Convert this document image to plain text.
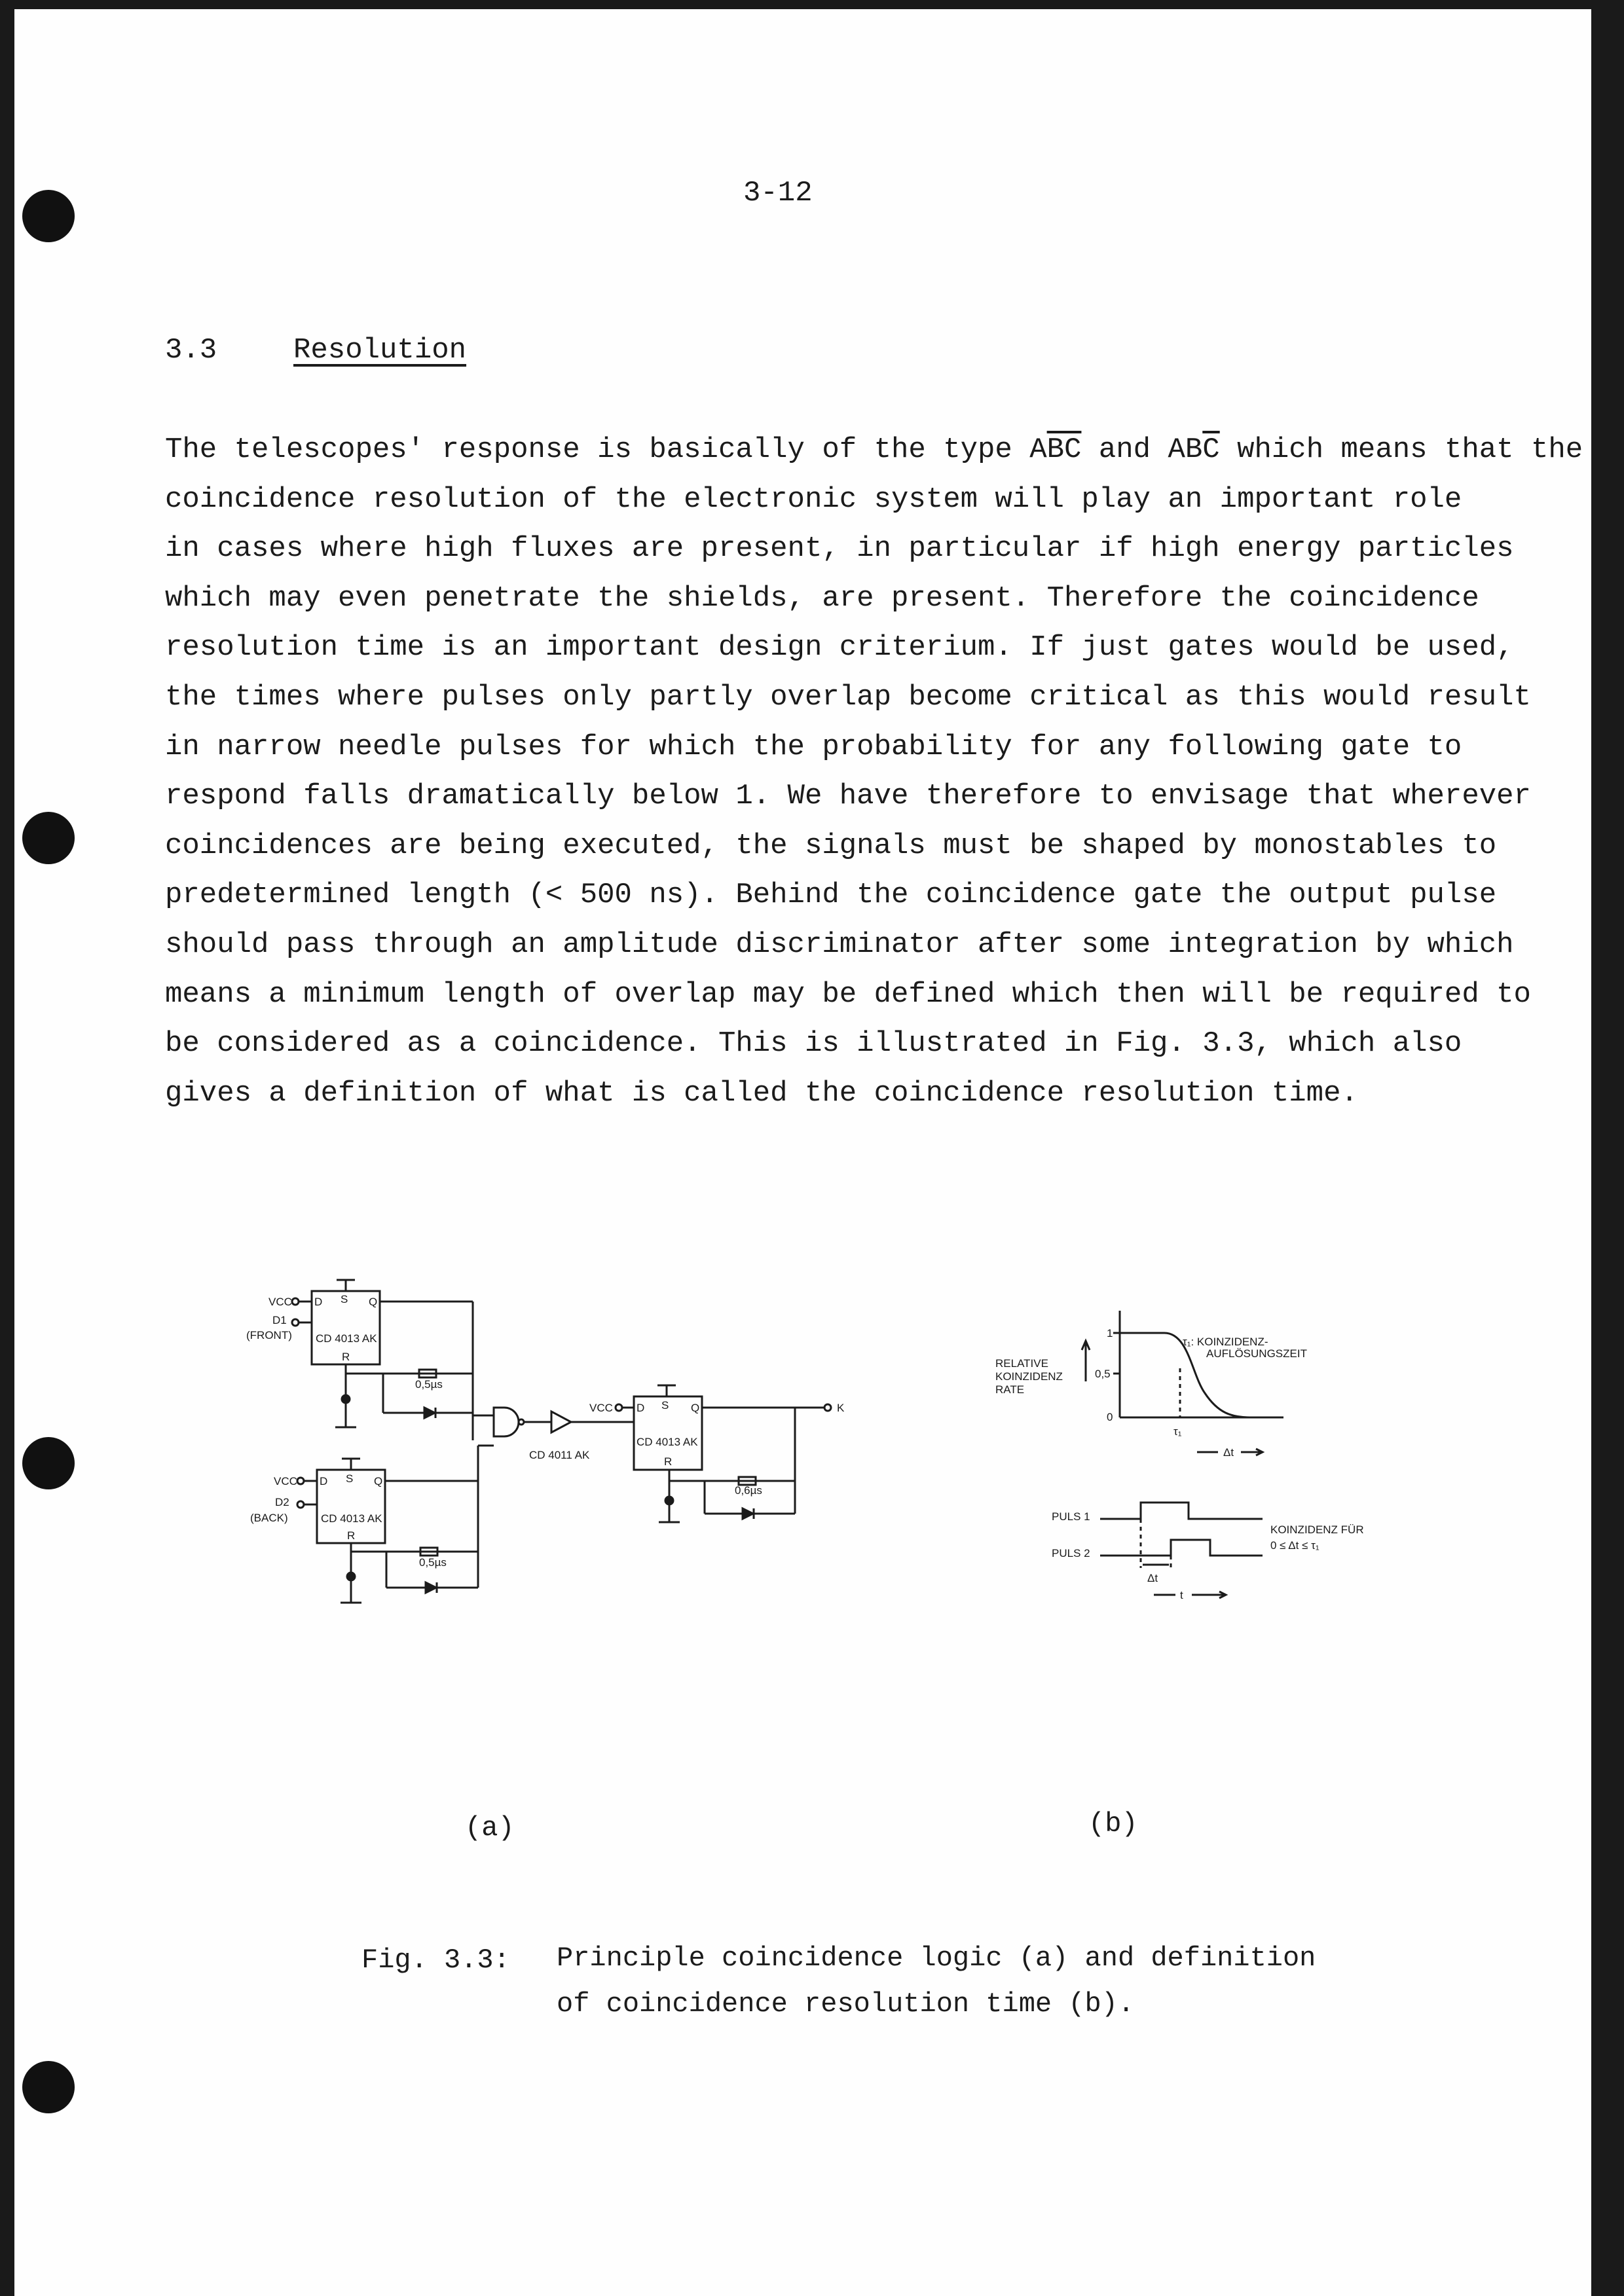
3-12
3.3	Resolution
The telescopes' response is basically of the type $A\overline{BC}$ and $AB\overline{C}$ which means that the
coincidence resolution of the electronic system will play an important role
in cases where high fluxes are present, in particular if high energy particles
which may even penetrate the shields, are present. Therefore the coincidence
resolution time is an important design criterium. If just gates would be used,
the times where pulses only partly overlap become critical as this would result
in narrow needle pulses for which the probability for any following gate to
respond falls dramatically below 1. We have therefore to envisage that wherever
coincidences are being executed, the signals must be shaped by monostables to
predetermined length (< 500 ns). Behind the coincidence gate the output pulse
should pass through an amplitude discriminator after some integration by which
means a minimum length of overlap may be defined which then will be required to
be considered as a coincidence. This is illustrated in Fig. 3.3, which also
gives a definition of what is called the coincidence resolution time.
VCC
D1
(FRONT)
D S Q
CD 4013 AK
R
0,5µs
VCC
D2
(BACK)
D S Q
CD 4013 AK
R
0,5µs
CD 4011 AK
VCC D S Q
CD 4013 AK
R
0,6µs
K
RELATIVE
KOINZIDENZ
RATE
1
0,5
0
τ₁: KOINZIDENZ-
AUFLÖSUNGSZEIT
τ₁
Δt
PULS 1
PULS 2
Δt
t
KOINZIDENZ FÜR
0 ≤ Δt ≤ τ₁
(a)	(b)
Fig. 3.3: Principle coincidence logic (a) and definition
of coincidence resolution time (b).
